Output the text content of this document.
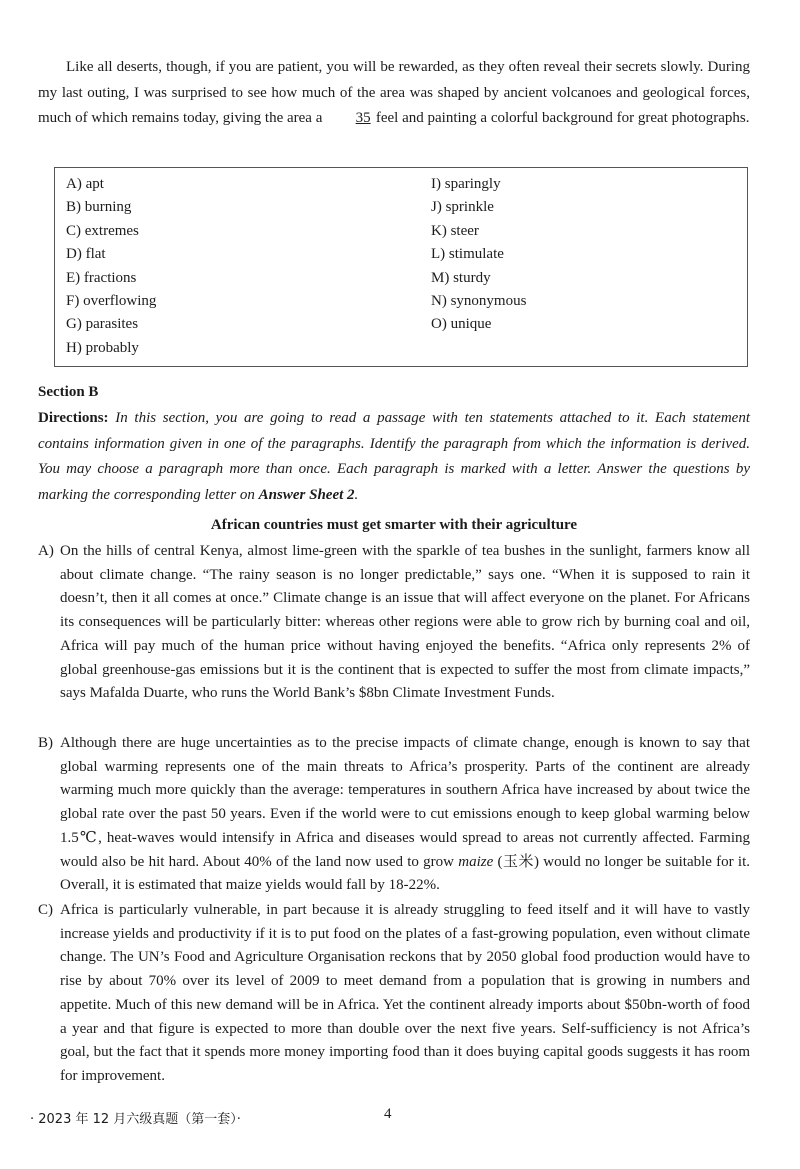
Like all deserts, though, if you are patient, you will be rewarded, as they often reveal their secrets slowly. During my last outing, I was surprised to see how much of the area was shaped by ancient volcanoes and geological forces, much of which remains today, giving the area a 35 feel and painting a colorful background for great photographs.

A) apt
B) burning
C) extremes
D) flat
E) fractions
F) overflowing
G) parasites
H) probably
I) sparingly
J) sprinkle
K) steer
L) stimulate
M) sturdy
N) synonymous
O) unique

Section B

Directions: In this section, you are going to read a passage with ten statements attached to it. Each statement contains information given in one of the paragraphs. Identify the paragraph from which the information is derived. You may choose a paragraph more than once. Each paragraph is marked with a letter. Answer the questions by marking the corresponding letter on Answer Sheet 2.

African countries must get smarter with their agriculture

A) On the hills of central Kenya, almost lime-green with the sparkle of tea bushes in the sunlight, farmers know all about climate change. “The rainy season is no longer predictable,” says one. “When it is supposed to rain it doesn’t, then it all comes at once.” Climate change is an issue that will affect everyone on the planet. For Africans its consequences will be particularly bitter: whereas other regions were able to grow rich by burning coal and oil, Africa will pay much of the human price without having enjoyed the benefits. “Africa only represents 2% of global greenhouse-gas emissions but it is the continent that is expected to suffer the most from climate impacts,” says Mafalda Duarte, who runs the World Bank’s $8bn Climate Investment Funds.
B) Although there are huge uncertainties as to the precise impacts of climate change, enough is known to say that global warming represents one of the main threats to Africa’s prosperity. Parts of the continent are already warming much more quickly than the average: temperatures in southern Africa have increased by about twice the global rate over the past 50 years. Even if the world were to cut emissions enough to keep global warming below 1.5℃, heat-waves would intensify in Africa and diseases would spread to areas not currently affected. Farming would also be hit hard. About 40% of the land now used to grow maize (玉米) would no longer be suitable for it. Overall, it is estimated that maize yields would fall by 18-22%.
C) Africa is particularly vulnerable, in part because it is already struggling to feed itself and it will have to vastly increase yields and productivity if it is to put food on the plates of a fast-growing population, even without climate change. The UN’s Food and Agriculture Organisation reckons that by 2050 global food production would have to rise by about 70% over its level of 2009 to meet demand from a population that is growing in numbers and appetite. Much of this new demand will be in Africa. Yet the continent already imports about $50bn-worth of food a year and that figure is expected to more than double over the next five years. Self-sufficiency is not Africa’s goal, but the fact that it spends more money importing food than it does buying capital goods suggests it has room for improvement.

· 2023 年 12 月六级真题（第一套）·	4
